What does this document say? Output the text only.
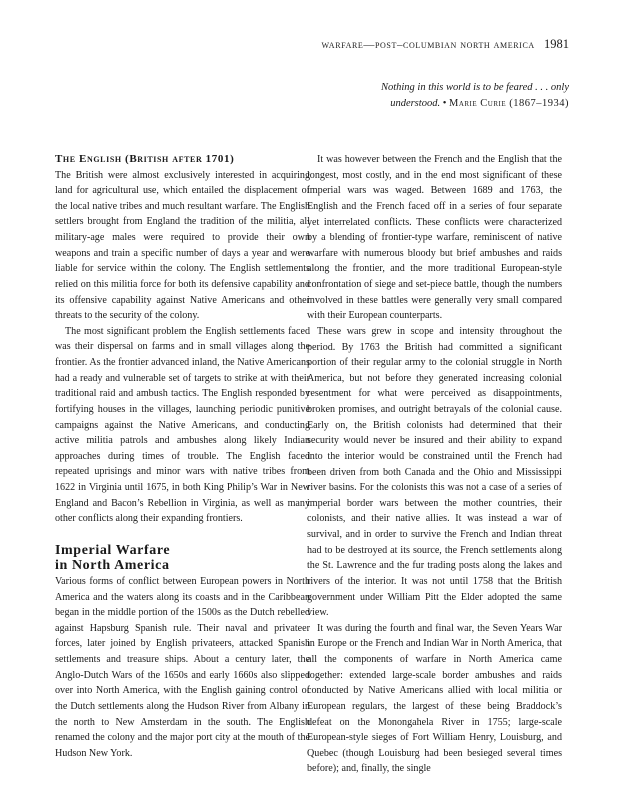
warfare—post–columbian north america 1981
Nothing in this world is to be feared . . . only
understood. • Marie Curie (1867–1934)
The English (British after 1701)

The British were almost exclusively interested in acquiring land for agricultural use, which entailed the displacement of the local native tribes and much resultant warfare. The English settlers brought from England the tradition of the militia, all military-age males were required to provide their own weapons and train a specific number of days a year and were liable for service within the colony. The English settlements relied on this militia force for both its defensive capability and its offensive capability against Native Americans and other threats to the security of the colony.

The most significant problem the English settlements faced was their dispersal on farms and in small villages along the frontier. As the frontier advanced inland, the Native Americans had a ready and vulnerable set of targets to strike at with their traditional raid and ambush tactics. The English responded by fortifying houses in the villages, launching periodic punitive campaigns against the Native Americans, and conducting active militia patrols and ambushes along likely Indian approaches during times of trouble. The English faced repeated uprisings and minor wars with native tribes from 1622 in Virginia until 1675, in both King Philip’s War in New England and Bacon’s Rebellion in Virginia, as well as many other conflicts along their expanding frontiers.

Imperial Warfare
in North America

Various forms of conflict between European powers in North America and the waters along its coasts and in the Caribbean began in the middle portion of the 1500s as the Dutch rebelled against Hapsburg Spanish rule. Their naval and privateer forces, later joined by English privateers, attacked Spanish settlements and treasure ships. About a century later, the Anglo-Dutch Wars of the 1650s and early 1660s also slipped over into North America, with the English gaining control of the Dutch settlements along the Hudson River from Albany in the north to New Amsterdam in the south. The English renamed the colony and the major port city at the mouth of the Hudson New York.

It was however between the French and the English that the longest, most costly, and in the end most significant of these imperial wars was waged. Between 1689 and 1763, the English and the French faced off in a series of four separate yet interrelated conflicts. These conflicts were characterized by a blending of frontier-type warfare, reminiscent of native warfare with numerous bloody but brief ambushes and raids along the frontier, and the more traditional European-style confrontation of siege and set-piece battle, though the numbers involved in these battles were generally very small compared with their European counterparts.

These wars grew in scope and intensity throughout the period. By 1763 the British had committed a significant portion of their regular army to the colonial struggle in North America, but not before they generated increasing colonial resentment for what were perceived as disappointments, broken promises, and outright betrayals of the colonial cause. Early on, the British colonists had determined that their security would never be insured and their ability to expand into the interior would be constrained until the French had been driven from both Canada and the Ohio and Mississippi river basins. For the colonists this was not a case of a series of imperial border wars between the mother countries, their colonists, and their native allies. It was instead a war of survival, and in order to survive the French and Indian threat had to be destroyed at its source, the French settlements along the St. Lawrence and the fur trading posts along the lakes and rivers of the interior. It was not until 1758 that the British government under William Pitt the Elder adopted the same view.

It was during the fourth and final war, the Seven Years War in Europe or the French and Indian War in North America, that all the components of warfare in North America came together: extended large-scale border ambushes and raids conducted by Native Americans allied with local militia or European regulars, the largest of these being Braddock’s defeat on the Monongahela River in 1755; large-scale European-style sieges of Fort William Henry, Louisburg, and Quebec (though Louisburg had been besieged several times before); and, finally, the single
